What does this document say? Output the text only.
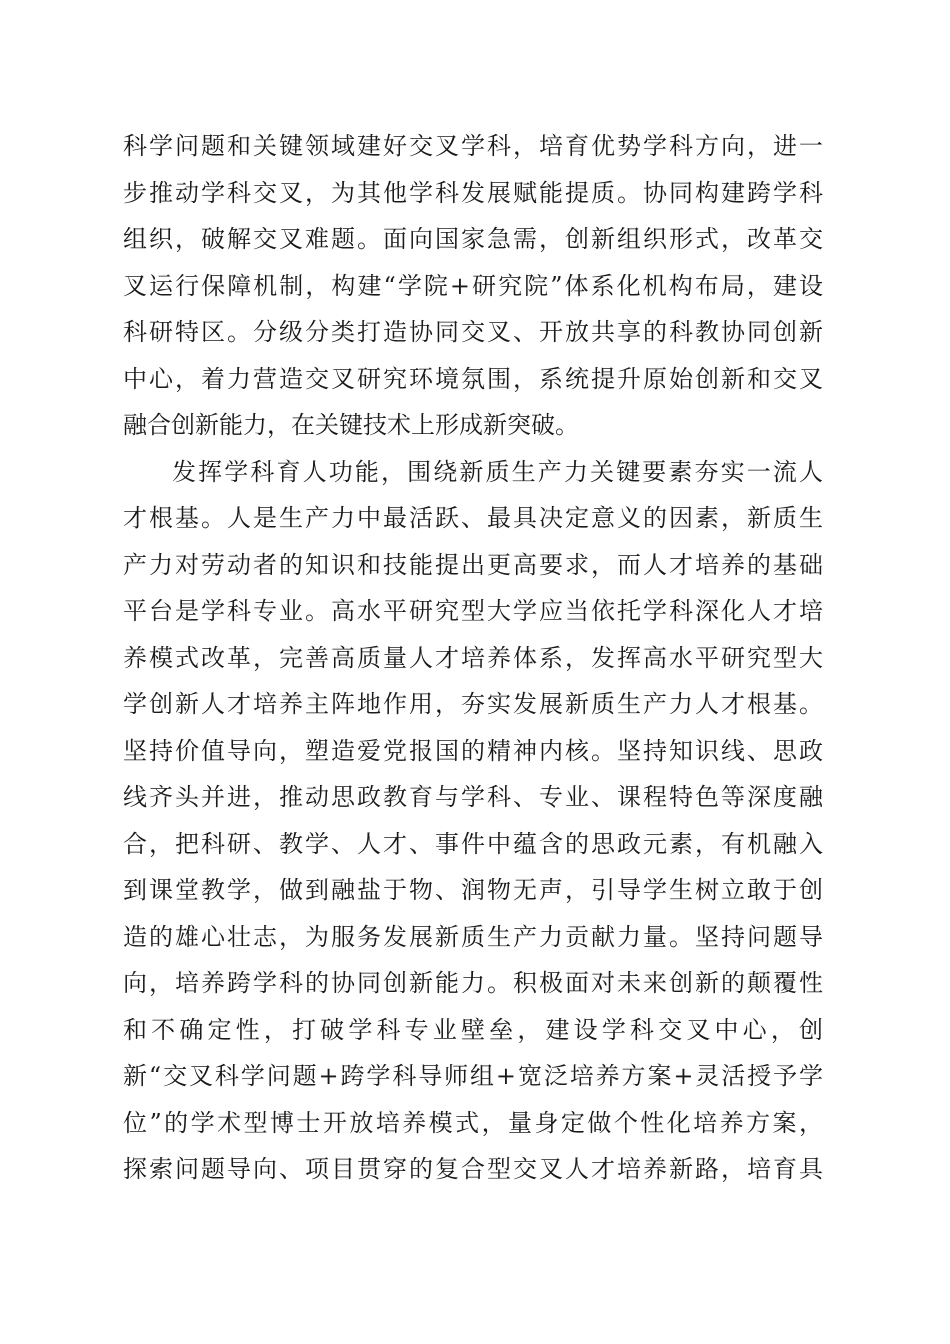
科学问题和关键领域建好交叉学科，培育优势学科方向，进一
步推动学科交叉，为其他学科发展赋能提质。协同构建跨学科
组织，破解交叉难题。面向国家急需，创新组织形式，改革交
叉运行保障机制，构建“学院+研究院”体系化机构布局，建设
科研特区。分级分类打造协同交叉、开放共享的科教协同创新
中心，着力营造交叉研究环境氛围，系统提升原始创新和交叉
融合创新能力，在关键技术上形成新突破。
发挥学科育人功能，围绕新质生产力关键要素夯实一流人
才根基。人是生产力中最活跃、最具决定意义的因素，新质生
产力对劳动者的知识和技能提出更高要求，而人才培养的基础
平台是学科专业。高水平研究型大学应当依托学科深化人才培
养模式改革，完善高质量人才培养体系，发挥高水平研究型大
学创新人才培养主阵地作用，夯实发展新质生产力人才根基。
坚持价值导向，塑造爱党报国的精神内核。坚持知识线、思政
线齐头并进，推动思政教育与学科、专业、课程特色等深度融
合，把科研、教学、人才、事件中蕴含的思政元素，有机融入
到课堂教学，做到融盐于物、润物无声，引导学生树立敢于创
造的雄心壮志，为服务发展新质生产力贡献力量。坚持问题导
向，培养跨学科的协同创新能力。积极面对未来创新的颠覆性
和不确定性，打破学科专业壁垒，建设学科交叉中心，创
新“交叉科学问题+跨学科导师组+宽泛培养方案+灵活授予学
位”的学术型博士开放培养模式，量身定做个性化培养方案，
探索问题导向、项目贯穿的复合型交叉人才培养新路，培育具
